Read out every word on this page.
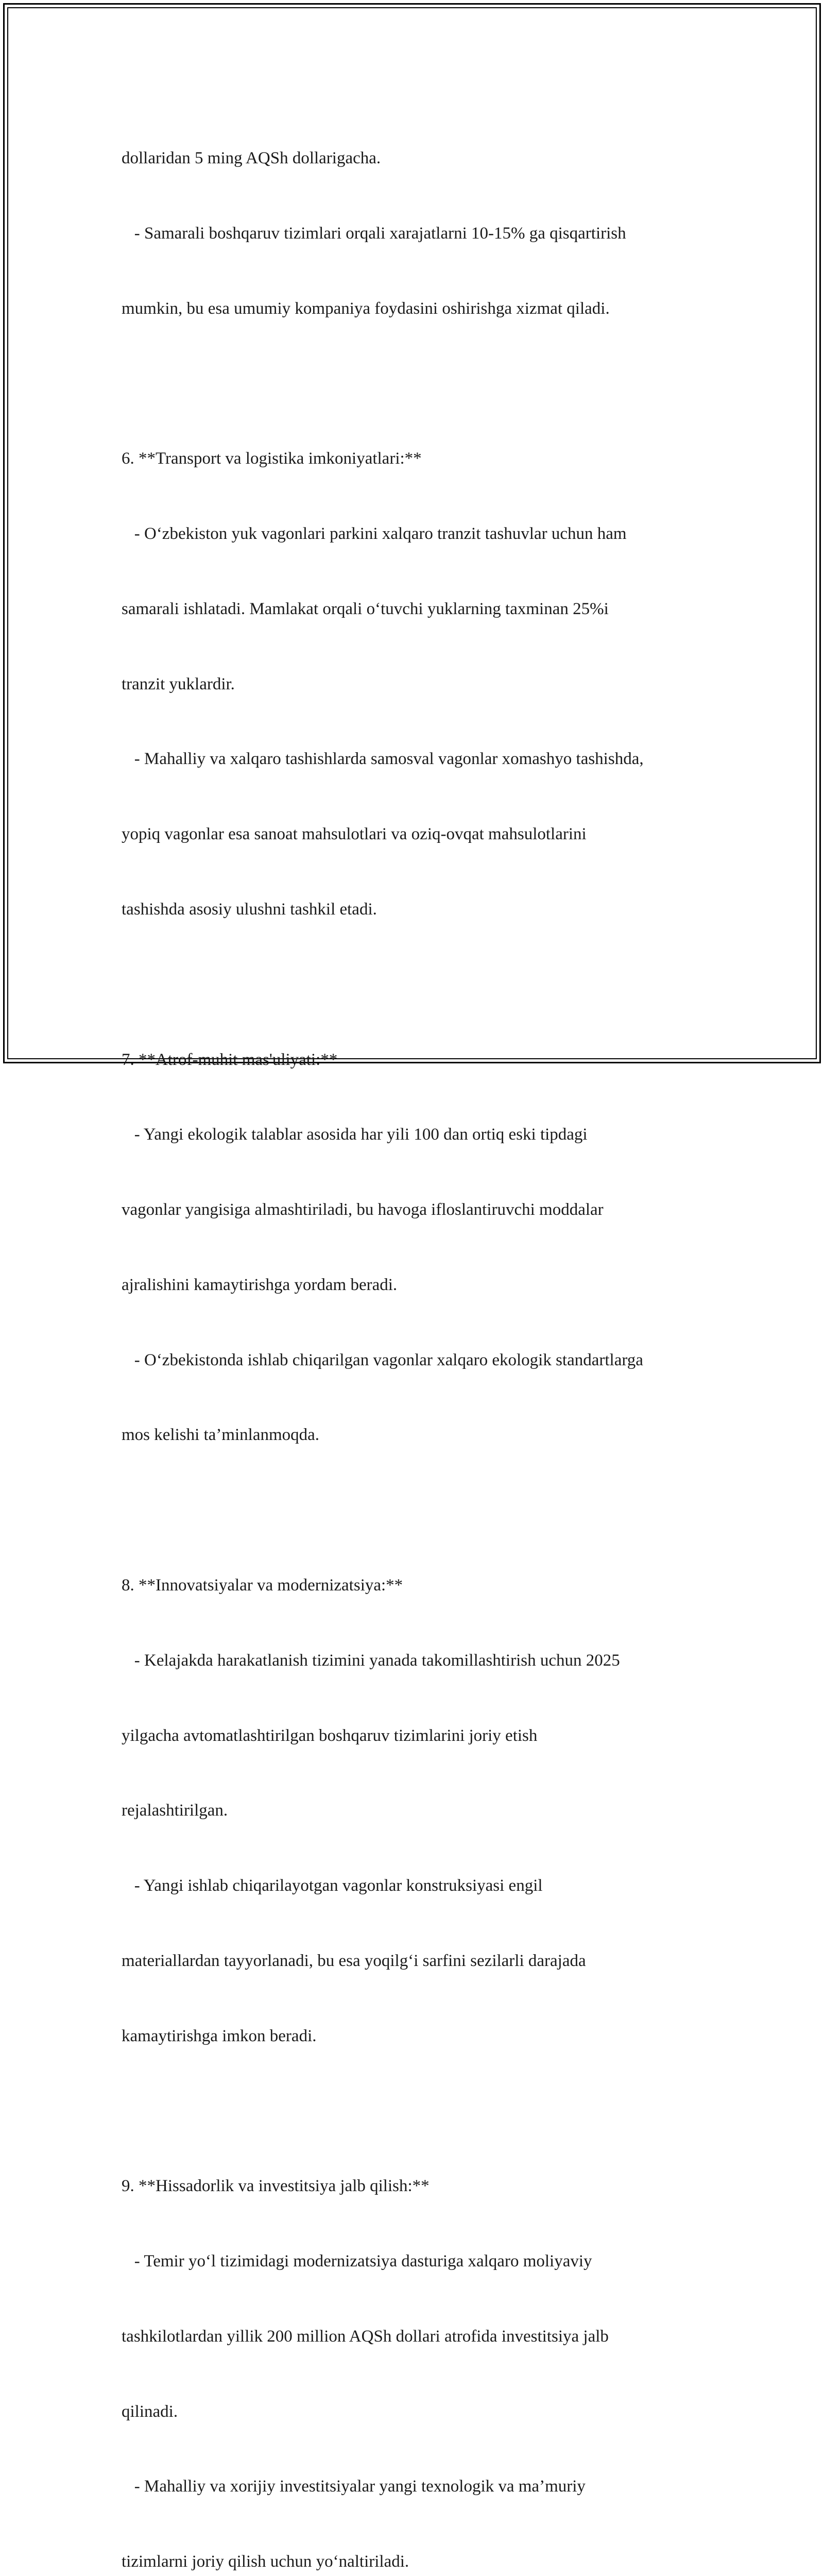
dollaridan 5 ming AQSh dollarigacha.

- Samarali boshqaruv tizimlari orqali xarajatlarni 10-15% ga qisqartirish

mumkin, bu esa umumiy kompaniya foydasini oshirishga xizmat qiladi.

6. **Transport va logistika imkoniyatlari:**

- O‘zbekiston yuk vagonlari parkini xalqaro tranzit tashuvlar uchun ham

samarali ishlatadi. Mamlakat orqali o‘tuvchi yuklarning taxminan 25%i

tranzit yuklardir.

- Mahalliy va xalqaro tashishlarda samosval vagonlar xomashyo tashishda,

yopiq vagonlar esa sanoat mahsulotlari va oziq-ovqat mahsulotlarini

tashishda asosiy ulushni tashkil etadi.

7. **Atrof-muhit mas'uliyati:**

- Yangi ekologik talablar asosida har yili 100 dan ortiq eski tipdagi

vagonlar yangisiga almashtiriladi, bu havoga ifloslantiruvchi moddalar

ajralishini kamaytirishga yordam beradi.

- O‘zbekistonda ishlab chiqarilgan vagonlar xalqaro ekologik standartlarga

mos kelishi ta’minlanmoqda.

8. **Innovatsiyalar va modernizatsiya:**

- Kelajakda harakatlanish tizimini yanada takomillashtirish uchun 2025

yilgacha avtomatlashtirilgan boshqaruv tizimlarini joriy etish

rejalashtirilgan.

- Yangi ishlab chiqarilayotgan vagonlar konstruksiyasi engil

materiallardan tayyorlanadi, bu esa yoqilg‘i sarfini sezilarli darajada

kamaytirishga imkon beradi.

9. **Hissadorlik va investitsiya jalb qilish:**

- Temir yo‘l tizimidagi modernizatsiya dasturiga xalqaro moliyaviy

tashkilotlardan yillik 200 million AQSh dollari atrofida investitsiya jalb

qilinadi.

- Mahalliy va xorijiy investitsiyalar yangi texnologik va ma’muriy

tizimlarni joriy qilish uchun yo‘naltiriladi.
